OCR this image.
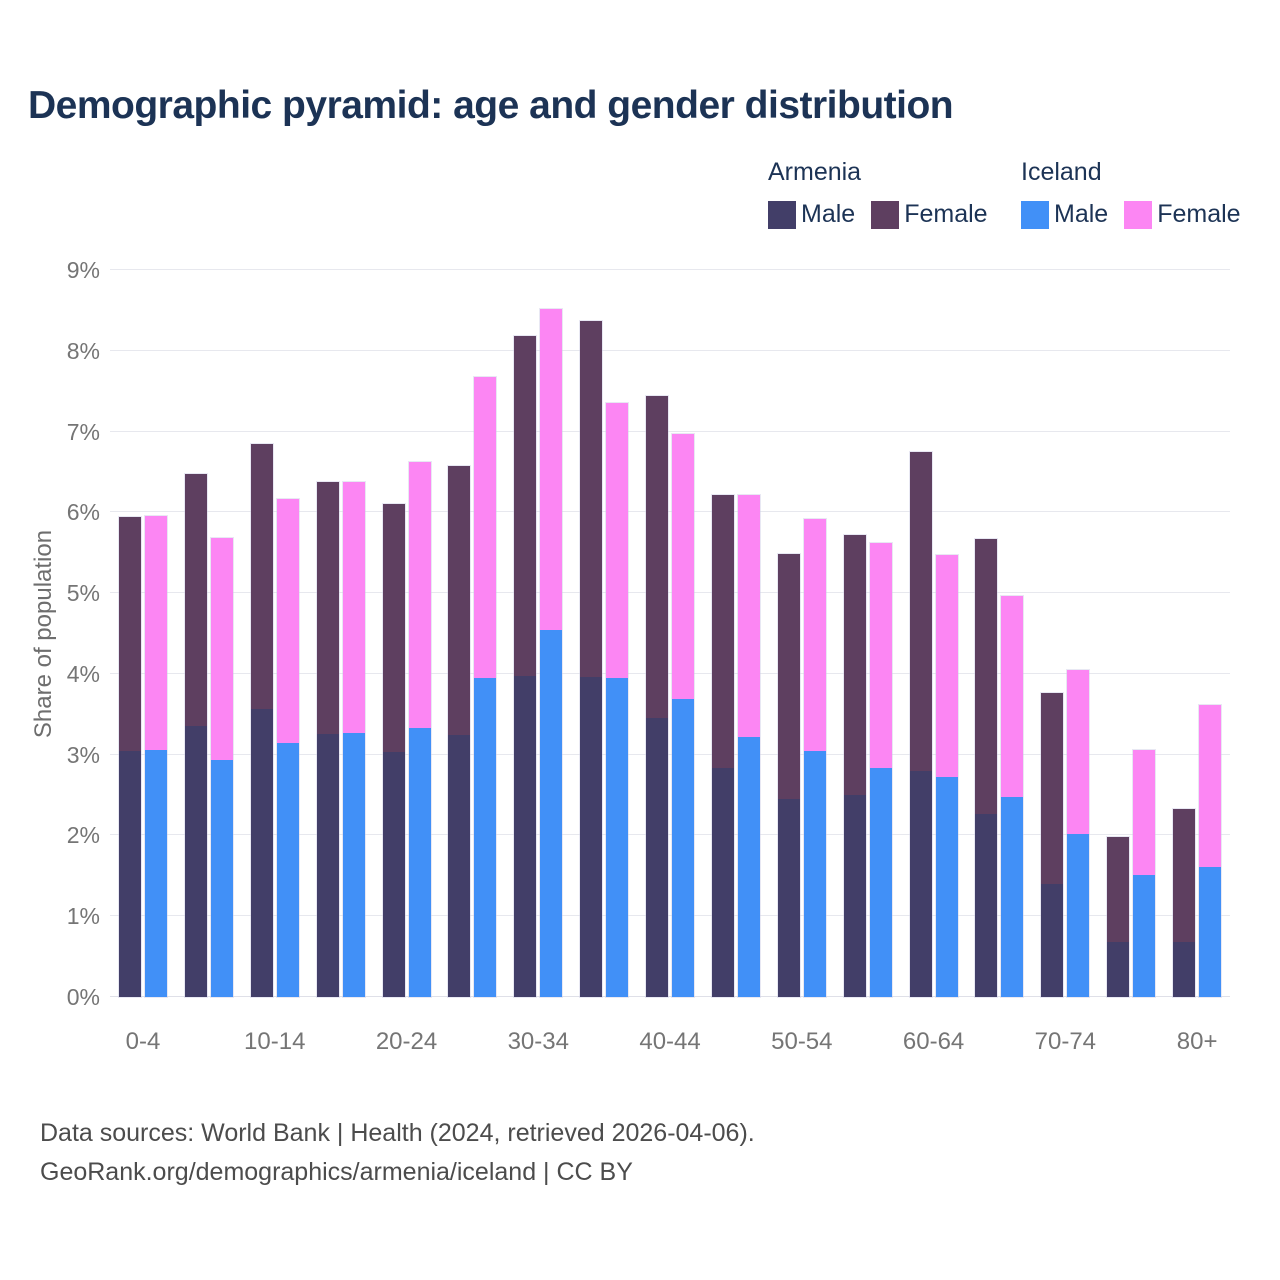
Demographic pyramid: age and gender distribution
Armenia
Male Female
Iceland
Male Female
Share of population
0%
1%
2%
3%
4%
5%
6%
7%
8%
9%
0-4	10-14	20-24	30-34	40-44	50-54	60-64	70-74	80+
Data sources: World Bank | Health (2024, retrieved 2026-04-06).
GeoRank.org/demographics/armenia/iceland | CC BY
